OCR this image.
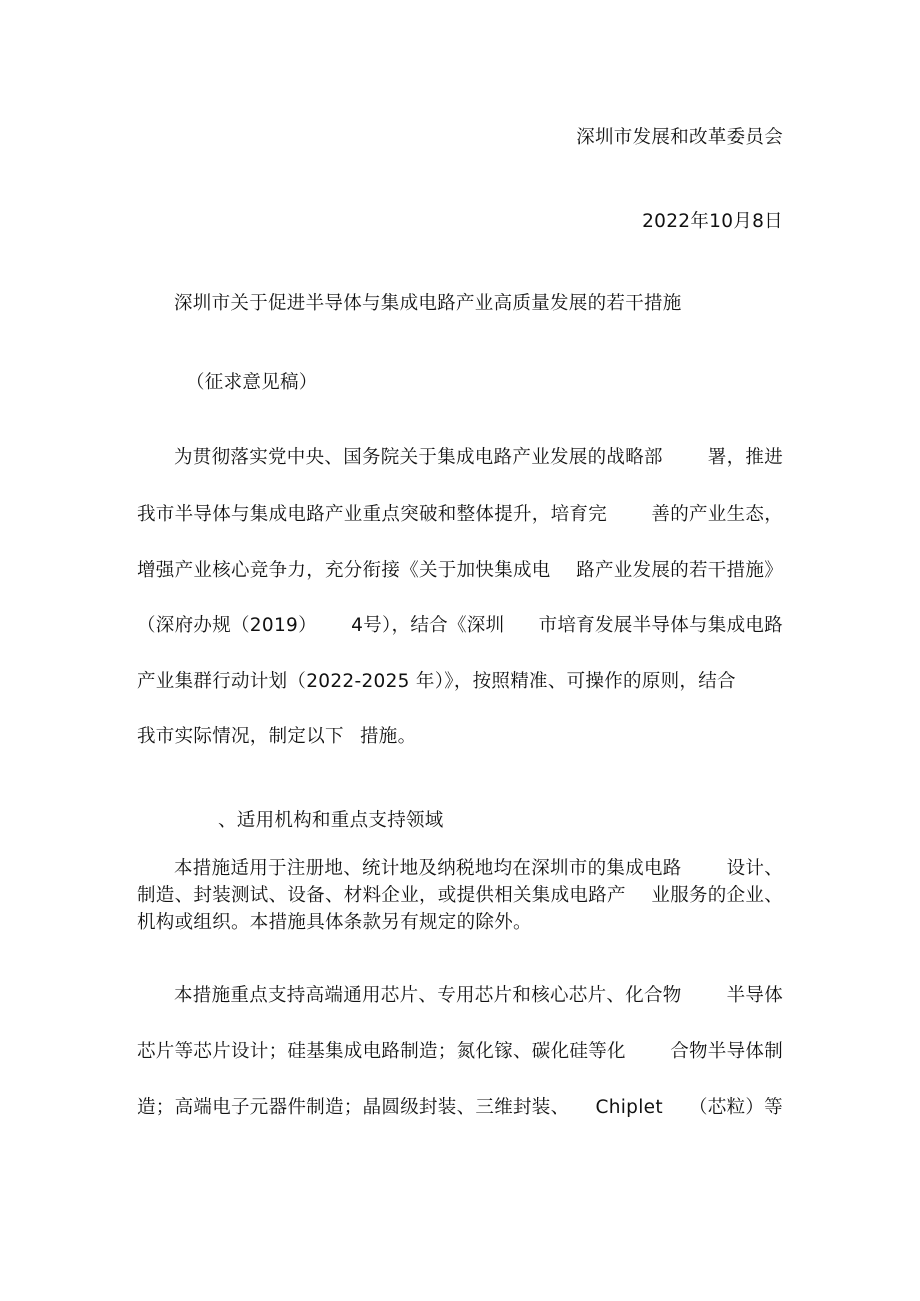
深圳市发展和改革委员会
2022年10月8日
深圳市关于促进半导体与集成电路产业高质量发展的若干措施
（征求意见稿）
为贯彻落实党中央、国务院关于集成电路产业发展的战略部 署，推进
我市半导体与集成电路产业重点突破和整体提升，培育完 善的产业生态，
增强产业核心竞争力，充分衔接《关于加快集成电 路产业发展的若干措施》
（深府办规（2019） 4号），结合《深圳 市培育发展半导体与集成电路
产业集群行动计划（2022-2025 年）》，按照精准、可操作的原则，结合
我市实际情况，制定以下 措施。
、适用机构和重点支持领域
本措施适用于注册地、统计地及纳税地均在深圳市的集成电路 设计、
制造、封装测试、设备、材料企业，或提供相关集成电路产 业服务的企业、
机构或组织。本措施具体条款另有规定的除外。
本措施重点支持高端通用芯片、专用芯片和核心芯片、化合物 半导体
芯片等芯片设计；硅基集成电路制造；氮化镓、碳化硅等化 合物半导体制
造；高端电子元器件制造；晶圆级封装、三维封装、 Chiplet （芯粒）等
